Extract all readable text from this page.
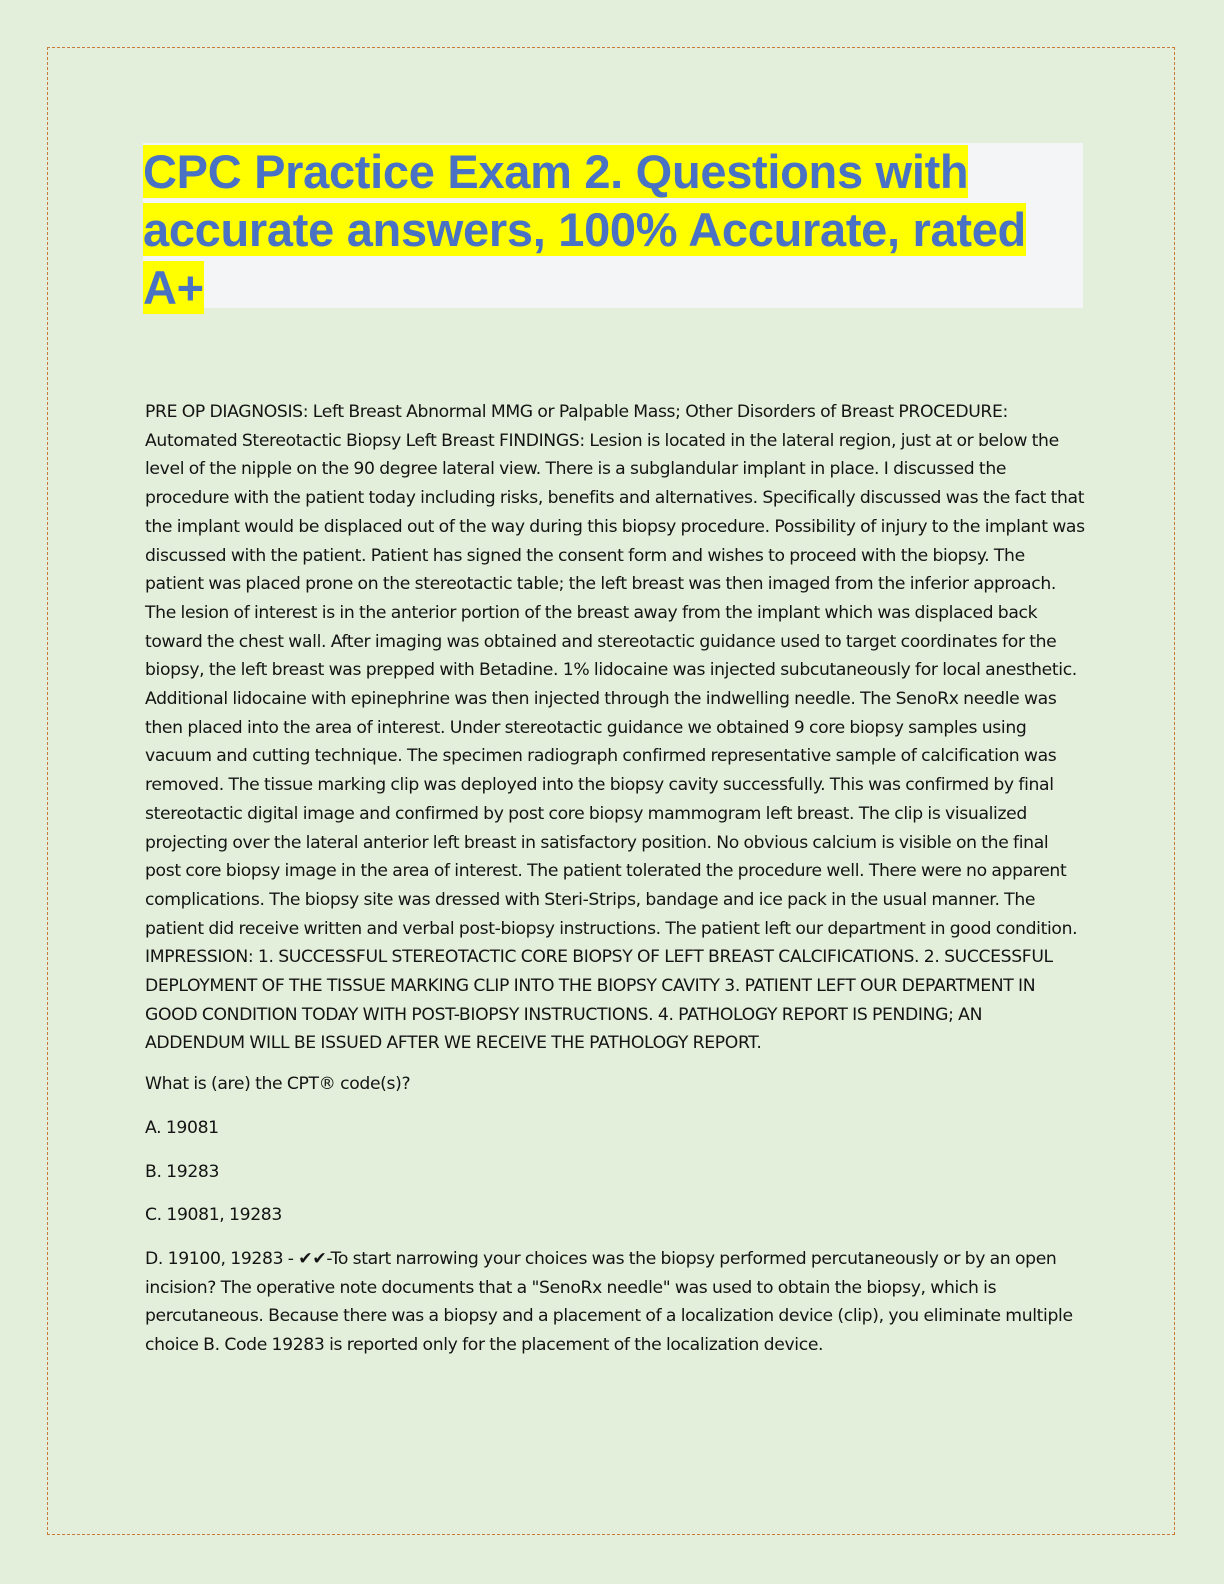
CPC Practice Exam 2. Questions with accurate answers, 100% Accurate, rated A+

PRE OP DIAGNOSIS: Left Breast Abnormal MMG or Palpable Mass; Other Disorders of Breast PROCEDURE: Automated Stereotactic Biopsy Left Breast FINDINGS: Lesion is located in the lateral region, just at or below the level of the nipple on the 90 degree lateral view. There is a subglandular implant in place. I discussed the procedure with the patient today including risks, benefits and alternatives. Specifically discussed was the fact that the implant would be displaced out of the way during this biopsy procedure. Possibility of injury to the implant was discussed with the patient. Patient has signed the consent form and wishes to proceed with the biopsy. The patient was placed prone on the stereotactic table; the left breast was then imaged from the inferior approach. The lesion of interest is in the anterior portion of the breast away from the implant which was displaced back toward the chest wall. After imaging was obtained and stereotactic guidance used to target coordinates for the biopsy, the left breast was prepped with Betadine. 1% lidocaine was injected subcutaneously for local anesthetic. Additional lidocaine with epinephrine was then injected through the indwelling needle. The SenoRx needle was then placed into the area of interest. Under stereotactic guidance we obtained 9 core biopsy samples using vacuum and cutting technique. The specimen radiograph confirmed representative sample of calcification was removed. The tissue marking clip was deployed into the biopsy cavity successfully. This was confirmed by final stereotactic digital image and confirmed by post core biopsy mammogram left breast. The clip is visualized projecting over the lateral anterior left breast in satisfactory position. No obvious calcium is visible on the final post core biopsy image in the area of interest. The patient tolerated the procedure well. There were no apparent complications. The biopsy site was dressed with Steri-Strips, bandage and ice pack in the usual manner. The patient did receive written and verbal post-biopsy instructions. The patient left our department in good condition. IMPRESSION: 1. SUCCESSFUL STEREOTACTIC CORE BIOPSY OF LEFT BREAST CALCIFICATIONS. 2. SUCCESSFUL DEPLOYMENT OF THE TISSUE MARKING CLIP INTO THE BIOPSY CAVITY 3. PATIENT LEFT OUR DEPARTMENT IN GOOD CONDITION TODAY WITH POST-BIOPSY INSTRUCTIONS. 4. PATHOLOGY REPORT IS PENDING; AN ADDENDUM WILL BE ISSUED AFTER WE RECEIVE THE PATHOLOGY REPORT.

What is (are) the CPT® code(s)?

A. 19081

B. 19283

C. 19081, 19283

D. 19100, 19283 - ✔✔-To start narrowing your choices was the biopsy performed percutaneously or by an open incision? The operative note documents that a "SenoRx needle" was used to obtain the biopsy, which is percutaneous. Because there was a biopsy and a placement of a localization device (clip), you eliminate multiple choice B. Code 19283 is reported only for the placement of the localization device.
